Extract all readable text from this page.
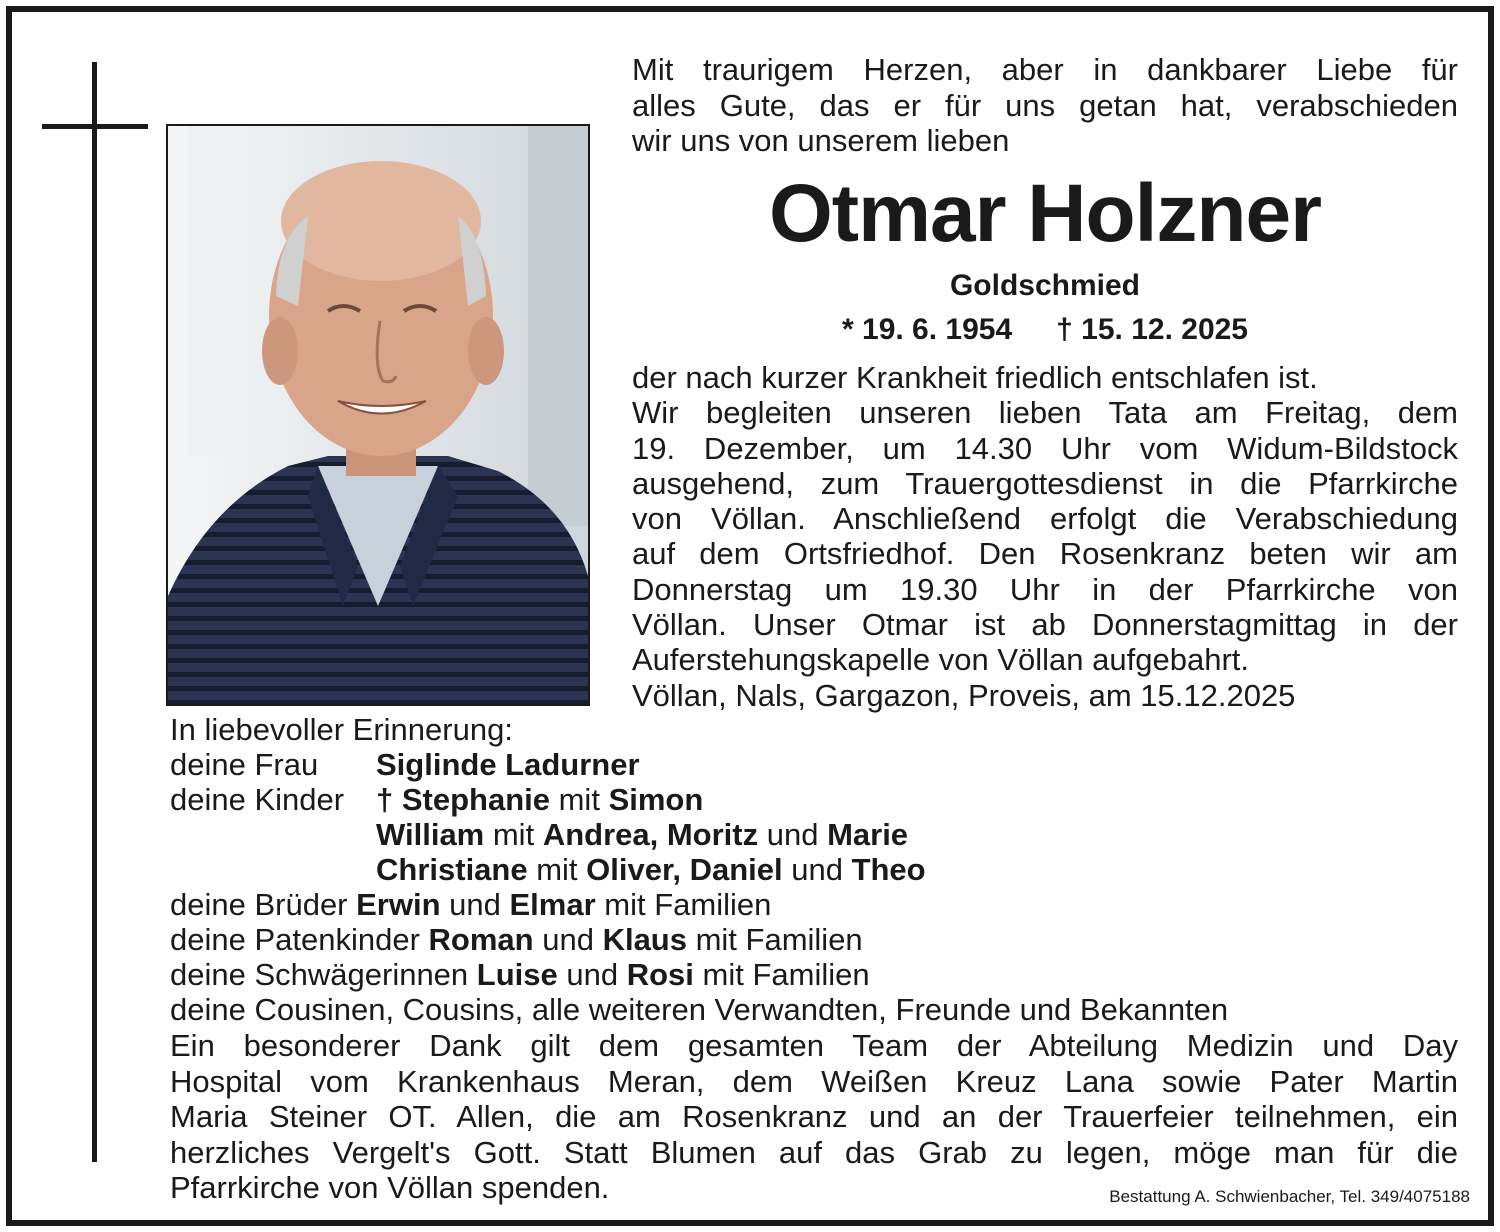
Mit traurigem Herzen, aber in dankbarer Liebe für
alles Gute, das er für uns getan hat, verabschieden
wir uns von unserem lieben
Otmar Holzner
Goldschmied
* 19. 6. 1954 † 15. 12. 2025
der nach kurzer Krankheit friedlich entschlafen ist.
Wir begleiten unseren lieben Tata am Freitag, dem
19. Dezember, um 14.30 Uhr vom Widum-Bildstock
ausgehend, zum Trauergottesdienst in die Pfarrkirche
von Völlan. Anschließend erfolgt die Verabschiedung
auf dem Ortsfriedhof. Den Rosenkranz beten wir am
Donnerstag um 19.30 Uhr in der Pfarrkirche von
Völlan. Unser Otmar ist ab Donnerstagmittag in der
Auferstehungskapelle von Völlan aufgebahrt.
Völlan, Nals, Gargazon, Proveis, am 15.12.2025
In liebevoller Erinnerung:
deine Frau Siglinde Ladurner
deine Kinder † Stephanie mit Simon
William mit Andrea, Moritz und Marie
Christiane mit Oliver, Daniel und Theo
deine Brüder Erwin und Elmar mit Familien
deine Patenkinder Roman und Klaus mit Familien
deine Schwägerinnen Luise und Rosi mit Familien
deine Cousinen, Cousins, alle weiteren Verwandten, Freunde und Bekannten
Ein besonderer Dank gilt dem gesamten Team der Abteilung Medizin und Day
Hospital vom Krankenhaus Meran, dem Weißen Kreuz Lana sowie Pater Martin
Maria Steiner OT. Allen, die am Rosenkranz und an der Trauerfeier teilnehmen, ein
herzliches Vergelt's Gott. Statt Blumen auf das Grab zu legen, möge man für die
Pfarrkirche von Völlan spenden.	Bestattung A. Schwienbacher, Tel. 349/4075188
